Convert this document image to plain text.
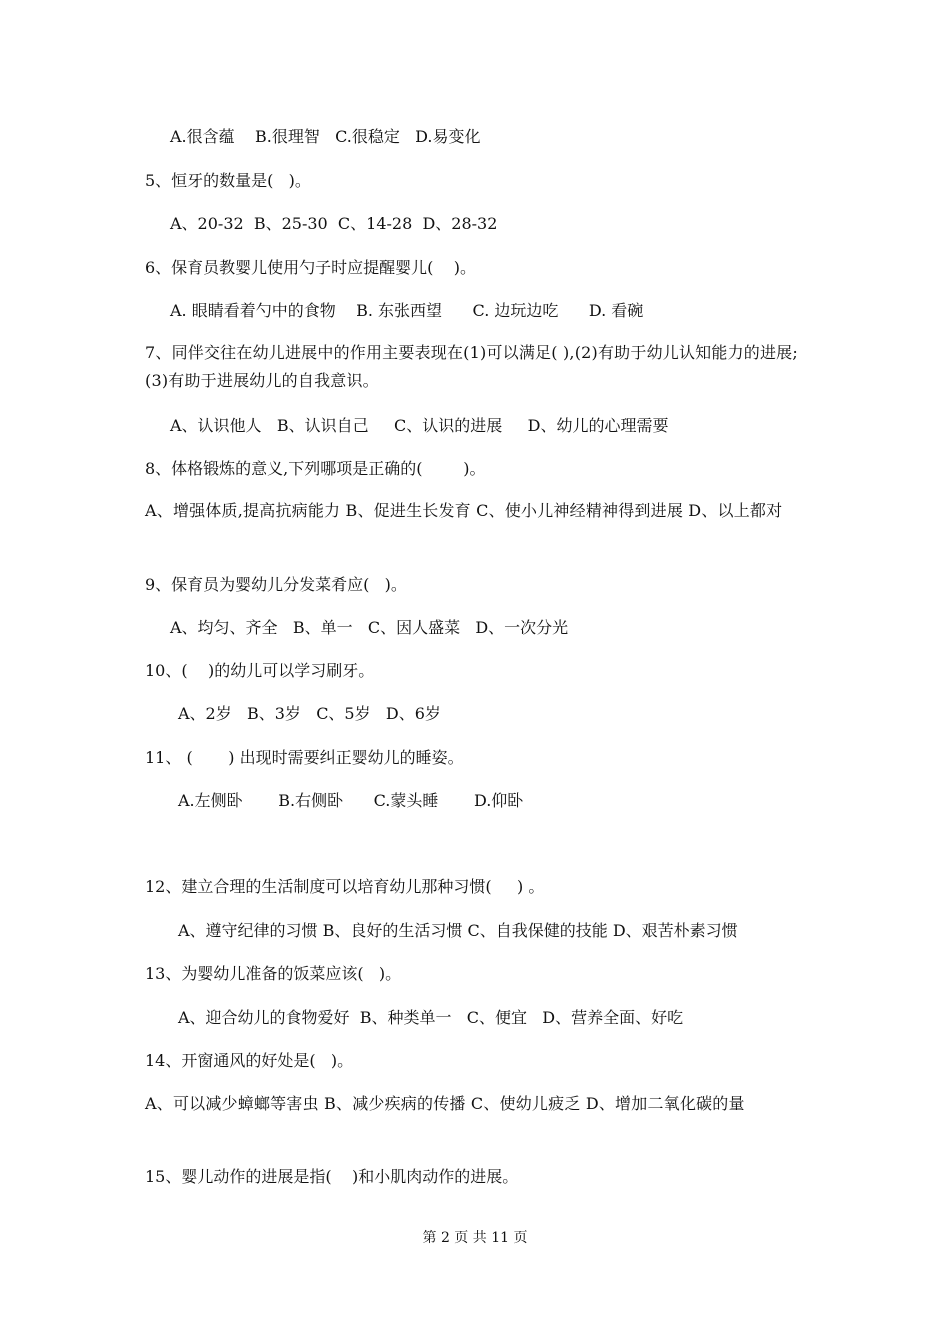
A.很含蕴    B.很理智   C.很稳定   D.易变化
5、恒牙的数量是(   )。
A、20-32  B、25-30  C、14-28  D、28-32
6、保育员教婴儿使用勺子时应提醒婴儿(    )。
A. 眼睛看着勺中的食物    B. 东张西望      C. 边玩边吃      D. 看碗
7、同伴交往在幼儿进展中的作用主要表现在(1)可以满足( ),(2)有助于幼儿认知能力的进展;(3)有助于进展幼儿的自我意识。
A、认识他人   B、认识自己     C、认识的进展     D、幼儿的心理需要
8、体格锻炼的意义,下列哪项是正确的(        )。
A、增强体质,提高抗病能力 B、促进生长发育 C、使小儿神经精神得到进展 D、以上都对
9、保育员为婴幼儿分发菜肴应(   )。
A、均匀、齐全   B、单一   C、因人盛菜   D、一次分光
10、(    )的幼儿可以学习刷牙。
A、2岁   B、3岁   C、5岁   D、6岁
11、 (       ) 出现时需要纠正婴幼儿的睡姿。
A.左侧卧       B.右侧卧      C.蒙头睡       D.仰卧
12、建立合理的生活制度可以培育幼儿那种习惯(     ) 。
A、遵守纪律的习惯 B、良好的生活习惯 C、自我保健的技能 D、艰苦朴素习惯
13、为婴幼儿准备的饭菜应该(   )。
A、迎合幼儿的食物爱好  B、种类单一   C、便宜   D、营养全面、好吃
14、开窗通风的好处是(   )。
A、可以减少蟑螂等害虫 B、减少疾病的传播 C、使幼儿疲乏 D、增加二氧化碳的量
15、婴儿动作的进展是指(    )和小肌肉动作的进展。
第 2 页 共 11 页
